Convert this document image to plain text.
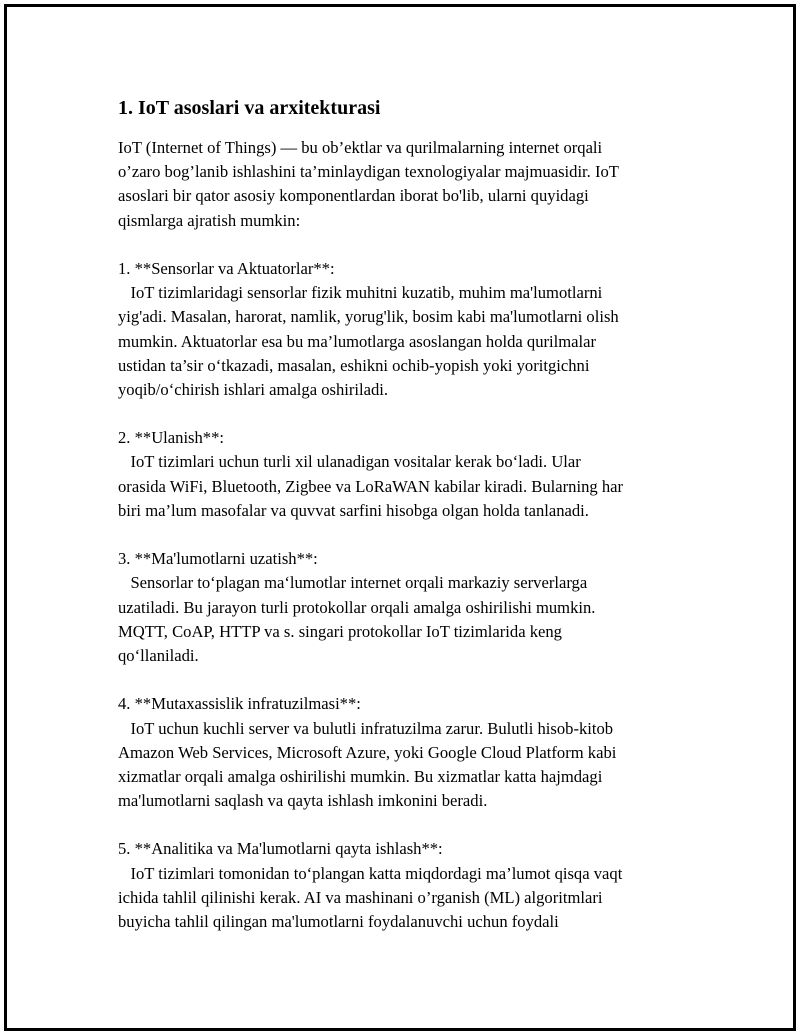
1. IoT asoslari va arxitekturasi
IoT (Internet of Things) — bu ob’ektlar va qurilmalarning internet orqali
o’zaro bog’lanib ishlashini ta’minlaydigan texnologiyalar majmuasidir. IoT
asoslari bir qator asosiy komponentlardan iborat bo'lib, ularni quyidagi
qismlarga ajratish mumkin:
1. **Sensorlar va Aktuatorlar**:
IoT tizimlaridagi sensorlar fizik muhitni kuzatib, muhim ma'lumotlarni
yig'adi. Masalan, harorat, namlik, yorug'lik, bosim kabi ma'lumotlarni olish
mumkin. Aktuatorlar esa bu ma’lumotlarga asoslangan holda qurilmalar
ustidan ta’sir o‘tkazadi, masalan, eshikni ochib-yopish yoki yoritgichni
yoqib/o‘chirish ishlari amalga oshiriladi.
2. **Ulanish**:
IoT tizimlari uchun turli xil ulanadigan vositalar kerak bo‘ladi. Ular
orasida WiFi, Bluetooth, Zigbee va LoRaWAN kabilar kiradi. Bularning har
biri ma’lum masofalar va quvvat sarfini hisobga olgan holda tanlanadi.
3. **Ma'lumotlarni uzatish**:
Sensorlar to‘plagan ma‘lumotlar internet orqali markaziy serverlarga
uzatiladi. Bu jarayon turli protokollar orqali amalga oshirilishi mumkin.
MQTT, CoAP, HTTP va s. singari protokollar IoT tizimlarida keng
qo‘llaniladi.
4. **Mutaxassislik infratuzilmasi**:
IoT uchun kuchli server va bulutli infratuzilma zarur. Bulutli hisob-kitob
Amazon Web Services, Microsoft Azure, yoki Google Cloud Platform kabi
xizmatlar orqali amalga oshirilishi mumkin. Bu xizmatlar katta hajmdagi
ma'lumotlarni saqlash va qayta ishlash imkonini beradi.
5. **Analitika va Ma'lumotlarni qayta ishlash**:
IoT tizimlari tomonidan to‘plangan katta miqdordagi ma’lumot qisqa vaqt
ichida tahlil qilinishi kerak. AI va mashinani o’rganish (ML) algoritmlari
buyicha tahlil qilingan ma'lumotlarni foydalanuvchi uchun foydali
